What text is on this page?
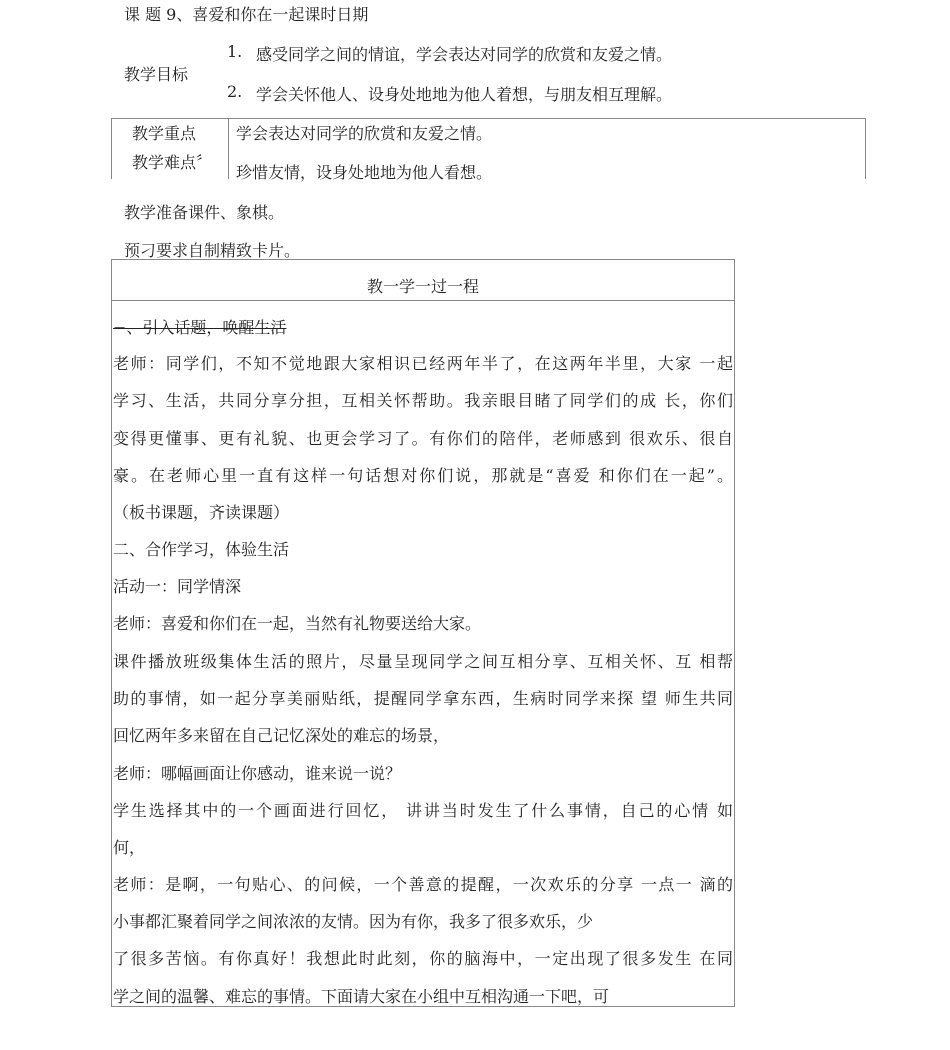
课 题 9、喜爱和你在一起课时日期
教学目标
1. 感受同学之间的情谊，学会表达对同学的欣赏和友爱之情。
2. 学会关怀他人、设身处地地为他人着想，与朋友相互理解。
教学重点
教学难点〞
学会表达对同学的欣赏和友爱之情。
珍惜友情，设身处地地为他人看想。
教学准备课件、象棋。
预刁要求自制精致卡片。
教一学一过一程
−、引入话题，唤醒生活
老师：同学们，不知不觉地跟大家相识已经两年半了，在这两年半里，大家 一起
学习、生活，共同分享分担，互相关怀帮助。我亲眼目睹了同学们的成 长，你们
变得更懂事、更有礼貌、也更会学习了。有你们的陪伴，老师感到 很欢乐、很自
豪。在老师心里一直有这样一句话想对你们说，那就是“喜爱 和你们在一起”。
（板书课题，齐读课题）
二、合作学习，体验生活
活动一：同学情深
老师：喜爱和你们在一起，当然有礼物要送给大家。
课件播放班级集体生活的照片，尽量呈现同学之间互相分享、互相关怀、互 相帮
助的事情，如一起分享美丽贴纸，提醒同学拿东西，生病时同学来探 望 师生共同
回忆两年多来留在自己记忆深处的难忘的场景，
老师：哪幅画面让你感动，谁来说一说？
学生选择其中的一个画面进行回忆， 讲讲当时发生了什么事情，自己的心情 如
何，
老师：是啊，一句贴心、的问候，一个善意的提醒，一次欢乐的分享 一点一 滴的
小事都汇聚着同学之间浓浓的友情。因为有你，我多了很多欢乐，少
了很多苦恼。有你真好！我想此时此刻，你的脑海中，一定出现了很多发生 在同
学之间的温馨、难忘的事情。下面请大家在小组中互相沟通一下吧，可
